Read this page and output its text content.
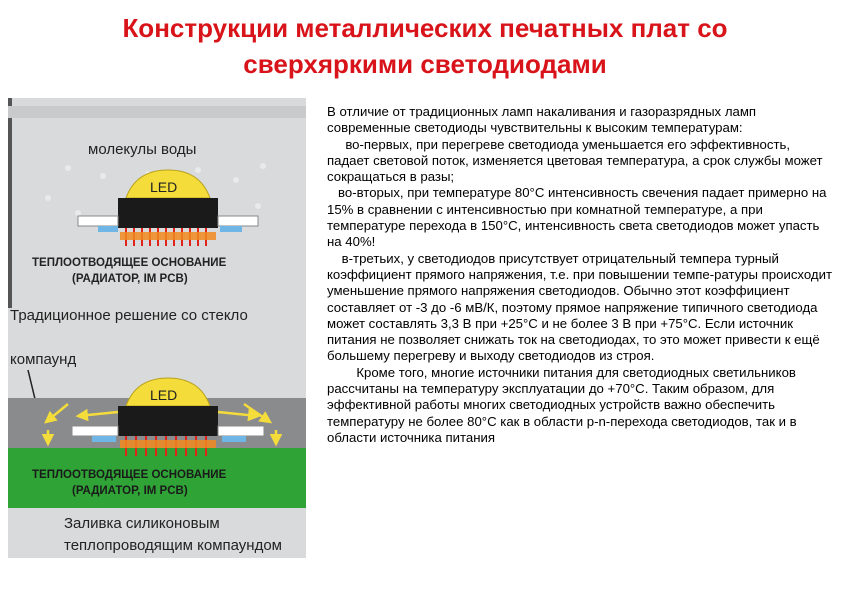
Конструкции металлических печатных плат со
сверхяркими светодиодами
молекулы воды
LED
ТЕПЛООТВОДЯЩЕЕ ОСНОВАНИЕ
(РАДИАТОР, IM PCB)
Традиционное решение со стекло
компаунд
LED
ТЕПЛООТВОДЯЩЕЕ ОСНОВАНИЕ
(РАДИАТОР, IM PCB)
Заливка силиконовым
теплопроводящим компаундом

В отличие от традиционных ламп накаливания и газоразрядных ламп современные светодиоды чувствительны к высоким температурам:

во-первых, при перегреве светодиода уменьшается его эффективность, падает световой поток, изменяется цветовая температура, а срок службы может сокращаться в разы;

во-вторых, при температуре 80°C интенсивность свечения падает примерно на 15% в сравнении с интенсивностью при комнатной температуре, а при температуре перехода в 150°C, интенсивность света светодиодов может упасть на 40%!

в-третьих, у светодиодов присутствует отрицательный темпера турный коэффициент прямого напряжения, т.е. при повышении темпе-ратуры происходит уменьшение прямого напряжения светодиодов. Обычно этот коэффициент составляет от -3 до -6 мВ/К, поэтому прямое напряжение типичного светодиода может составлять 3,3 В при +25°C и не более 3 В при +75°C. Если источник питания не позволяет снижать ток на светодиодах, то это может привести к ещё большему перегреву и выходу светодиодов из строя.

Кроме того, многие источники питания для светодиодных светильников рассчитаны на температуру эксплуатации до +70°C. Таким образом, для эффективной работы многих светодиодных устройств важно обеспечить температуру не более 80°C как в области p-n-перехода светодиодов, так и в области источника питания
